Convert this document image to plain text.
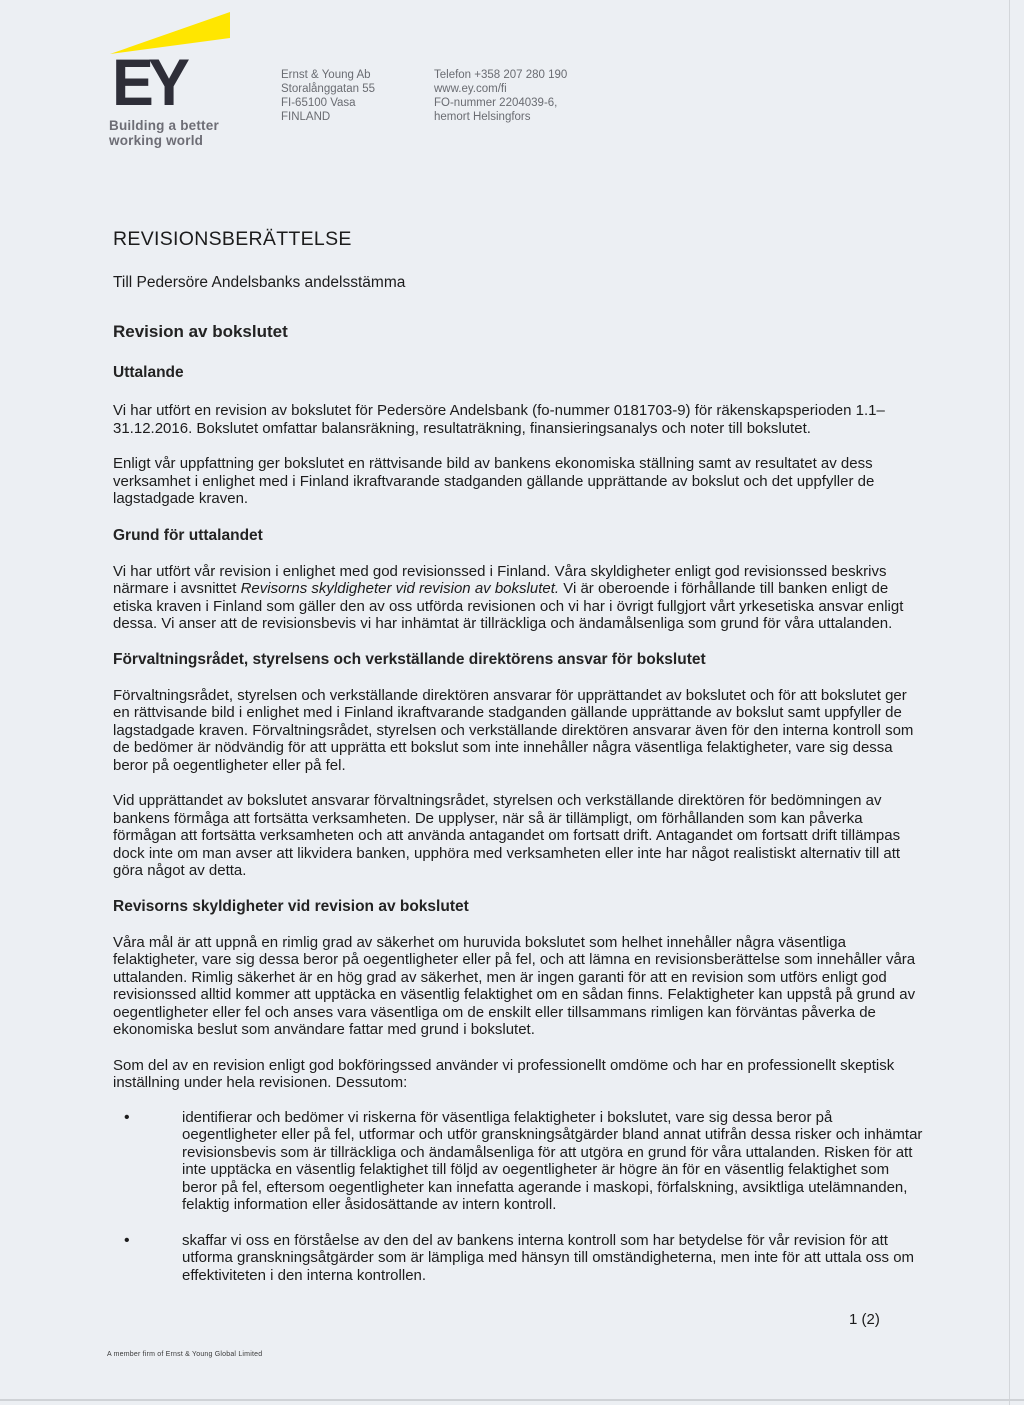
EY
Building a better
working world
Ernst & Young Ab
Storalånggatan 55
FI-65100 Vasa
FINLAND
Telefon +358 207 280 190
www.ey.com/fi
FO-nummer 2204039-6,
hemort Helsingfors
REVISIONSBERÄTTELSE
Till Pedersöre Andelsbanks andelsstämma
Revision av bokslutet
Uttalande

Vi har utfört en revision av bokslutet för Pedersöre Andelsbank (fo-nummer 0181703-9) för räkenskapsperioden 1.1–31.12.2016. Bokslutet omfattar balansräkning, resultaträkning, finansieringsanalys och noter till bokslutet.

Enligt vår uppfattning ger bokslutet en rättvisande bild av bankens ekonomiska ställning samt av resultatet av dess verksamhet i enlighet med i Finland ikraftvarande stadganden gällande upprättande av bokslut och det uppfyller de lagstadgade kraven.

Grund för uttalandet

Vi har utfört vår revision i enlighet med god revisionssed i Finland. Våra skyldigheter enligt god revisionssed beskrivs närmare i avsnittet Revisorns skyldigheter vid revision av bokslutet. Vi är oberoende i förhållande till banken enligt de etiska kraven i Finland som gäller den av oss utförda revisionen och vi har i övrigt fullgjort vårt yrkesetiska ansvar enligt dessa. Vi anser att de revisionsbevis vi har inhämtat är tillräckliga och ändamålsenliga som grund för våra uttalanden.

Förvaltningsrådet, styrelsens och verkställande direktörens ansvar för bokslutet

Förvaltningsrådet, styrelsen och verkställande direktören ansvarar för upprättandet av bokslutet och för att bokslutet ger en rättvisande bild i enlighet med i Finland ikraftvarande stadganden gällande upprättande av bokslut samt uppfyller de lagstadgade kraven. Förvaltningsrådet, styrelsen och verkställande direktören ansvarar även för den interna kontroll som de bedömer är nödvändig för att upprätta ett bokslut som inte innehåller några väsentliga felaktigheter, vare sig dessa beror på oegentligheter eller på fel.

Vid upprättandet av bokslutet ansvarar förvaltningsrådet, styrelsen och verkställande direktören för bedömningen av bankens förmåga att fortsätta verksamheten. De upplyser, när så är tillämpligt, om förhållanden som kan påverka förmågan att fortsätta verksamheten och att använda antagandet om fortsatt drift. Antagandet om fortsatt drift tillämpas dock inte om man avser att likvidera banken, upphöra med verksamheten eller inte har något realistiskt alternativ till att göra något av detta.

Revisorns skyldigheter vid revision av bokslutet

Våra mål är att uppnå en rimlig grad av säkerhet om huruvida bokslutet som helhet innehåller några väsentliga felaktigheter, vare sig dessa beror på oegentligheter eller på fel, och att lämna en revisionsberättelse som innehåller våra uttalanden. Rimlig säkerhet är en hög grad av säkerhet, men är ingen garanti för att en revision som utförs enligt god revisionssed alltid kommer att upptäcka en väsentlig felaktighet om en sådan finns. Felaktigheter kan uppstå på grund av oegentligheter eller fel och anses vara väsentliga om de enskilt eller tillsammans rimligen kan förväntas påverka de ekonomiska beslut som användare fattar med grund i bokslutet.

Som del av en revision enligt god bokföringssed använder vi professionellt omdöme och har en professionellt skeptisk inställning under hela revisionen. Dessutom:

•	identifierar och bedömer vi riskerna för väsentliga felaktigheter i bokslutet, vare sig dessa beror på oegentligheter eller på fel, utformar och utför granskningsåtgärder bland annat utifrån dessa risker och inhämtar revisionsbevis som är tillräckliga och ändamålsenliga för att utgöra en grund för våra uttalanden. Risken för att inte upptäcka en väsentlig felaktighet till följd av oegentligheter är högre än för en väsentlig felaktighet som beror på fel, eftersom oegentligheter kan innefatta agerande i maskopi, förfalskning, avsiktliga utelämnanden, felaktig information eller åsidosättande av intern kontroll.
•	skaffar vi oss en förståelse av den del av bankens interna kontroll som har betydelse för vår revision för att utforma granskningsåtgärder som är lämpliga med hänsyn till omständigheterna, men inte för att uttala oss om effektiviteten i den interna kontrollen.
1 (2)
A member firm of Ernst & Young Global Limited
